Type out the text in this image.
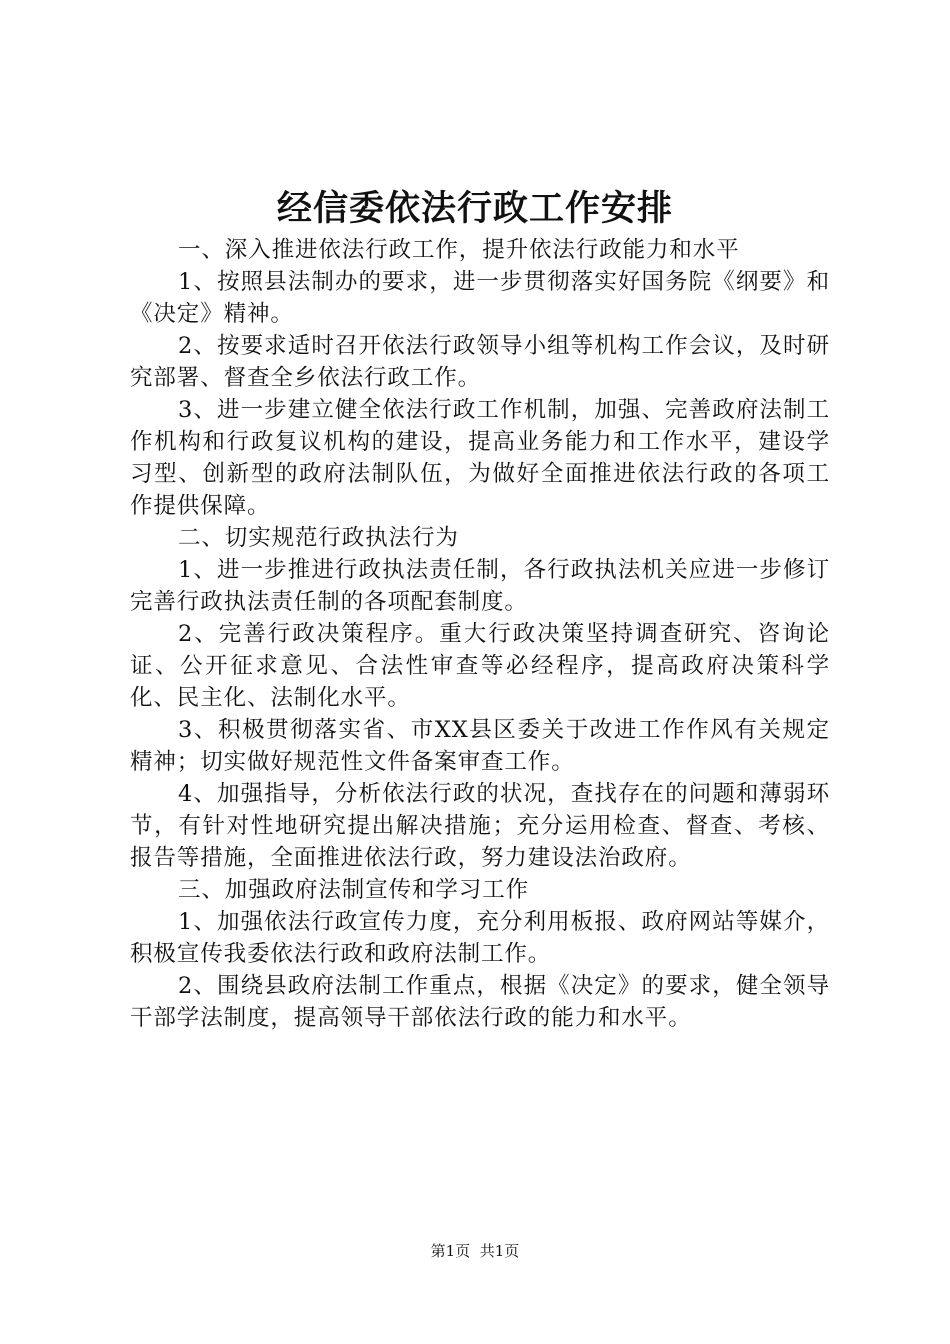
经信委依法行政工作安排

一、深入推进依法行政工作，提升依法行政能力和水平

1、按照县法制办的要求，进一步贯彻落实好国务院《纲要》和《决定》精神。

2、按要求适时召开依法行政领导小组等机构工作会议，及时研究部署、督查全乡依法行政工作。

3、进一步建立健全依法行政工作机制，加强、完善政府法制工作机构和行政复议机构的建设，提高业务能力和工作水平，建设学习型、创新型的政府法制队伍，为做好全面推进依法行政的各项工作提供保障。

二、切实规范行政执法行为

1、进一步推进行政执法责任制，各行政执法机关应进一步修订完善行政执法责任制的各项配套制度。

2、完善行政决策程序。重大行政决策坚持调查研究、咨询论证、公开征求意见、合法性审查等必经程序，提高政府决策科学化、民主化、法制化水平。

3、积极贯彻落实省、市XX县区委关于改进工作作风有关规定精神；切实做好规范性文件备案审查工作。

4、加强指导，分析依法行政的状况，查找存在的问题和薄弱环节，有针对性地研究提出解决措施；充分运用检查、督查、考核、报告等措施，全面推进依法行政，努力建设法治政府。

三、加强政府法制宣传和学习工作

1、加强依法行政宣传力度，充分利用板报、政府网站等媒介，积极宣传我委依法行政和政府法制工作。

2、围绕县政府法制工作重点，根据《决定》的要求，健全领导干部学法制度，提高领导干部依法行政的能力和水平。

第1页 共1页
